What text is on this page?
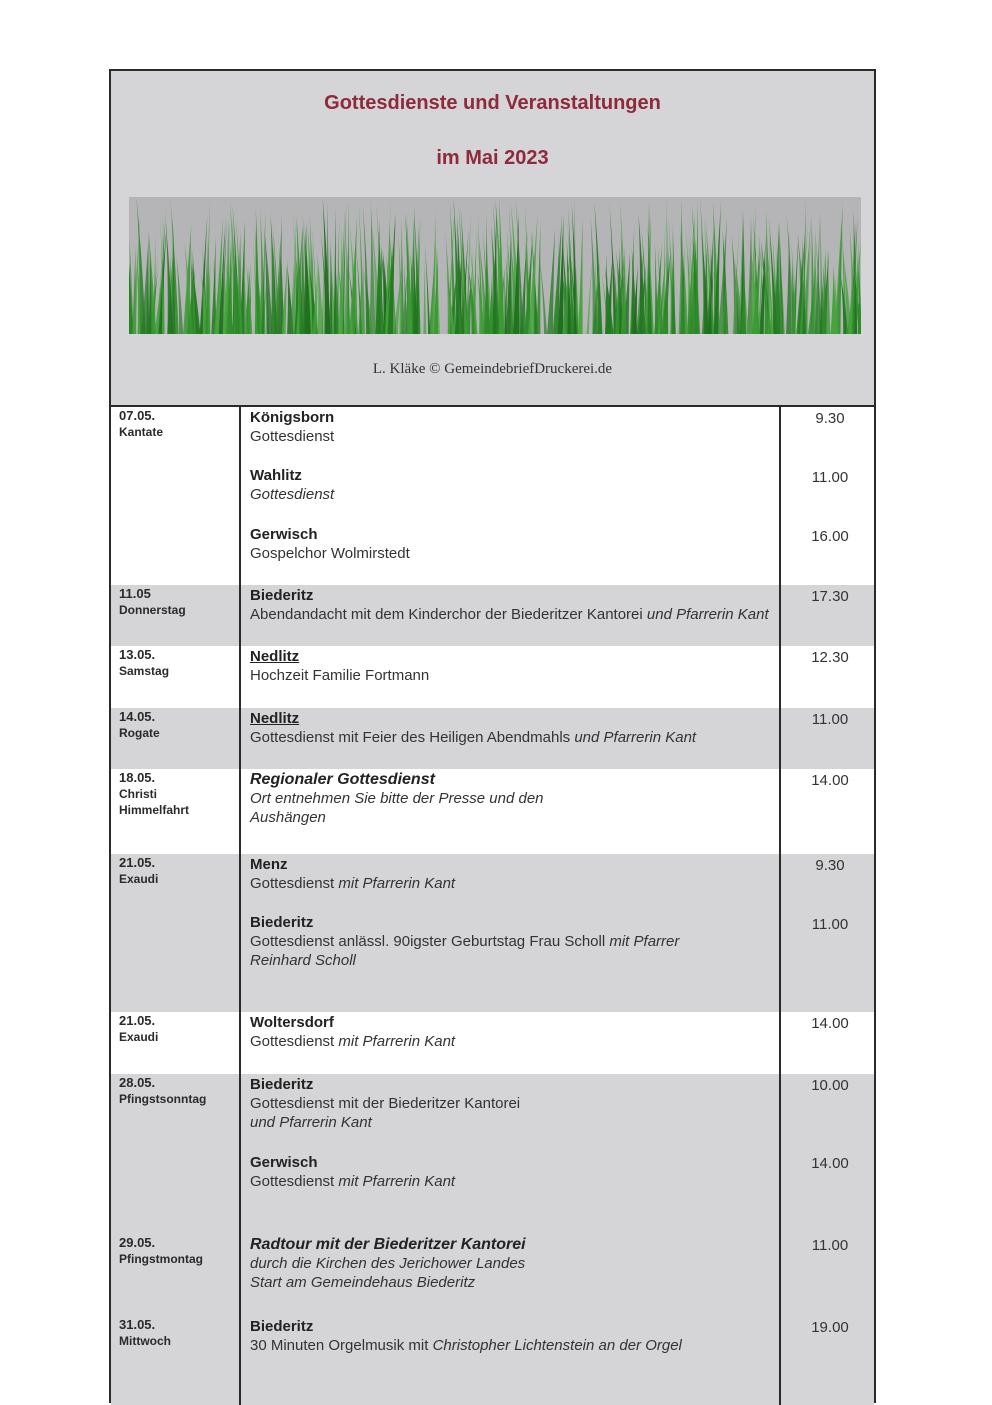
Gottesdienste und Veranstaltungen
im Mai 2023
L. Kläke © GemeindebriefDruckerei.de
07.05.
Kantate
Königsborn
Gottesdienst
9.30
Wahlitz
Gottesdienst
11.00
Gerwisch
Gospelchor Wolmirstedt
16.00
11.05
Donnerstag
Biederitz
Abendandacht mit dem Kinderchor der Biederitzer Kantorei und Pfarrerin Kant
17.30
13.05.
Samstag
Nedlitz
Hochzeit Familie Fortmann
12.30
14.05.
Rogate
Nedlitz
Gottesdienst mit Feier des Heiligen Abendmahls und Pfarrerin Kant
11.00
18.05.
Christi
Himmelfahrt
Regionaler Gottesdienst
Ort entnehmen Sie bitte der Presse und den
Aushängen
14.00
21.05.
Exaudi
Menz
Gottesdienst mit Pfarrerin Kant
9.30
Biederitz
Gottesdienst anlässl. 90igster Geburtstag Frau Scholl mit Pfarrer
Reinhard Scholl
11.00
21.05.
Exaudi
Woltersdorf
Gottesdienst mit Pfarrerin Kant
14.00
28.05.
Pfingstsonntag
Biederitz
Gottesdienst mit der Biederitzer Kantorei
und Pfarrerin Kant
10.00
Gerwisch
Gottesdienst mit Pfarrerin Kant
14.00
29.05.
Pfingstmontag
Radtour mit der Biederitzer Kantorei
durch die Kirchen des Jerichower Landes
Start am Gemeindehaus Biederitz
11.00
31.05.
Mittwoch
Biederitz
30 Minuten Orgelmusik mit Christopher Lichtenstein an der Orgel
19.00
